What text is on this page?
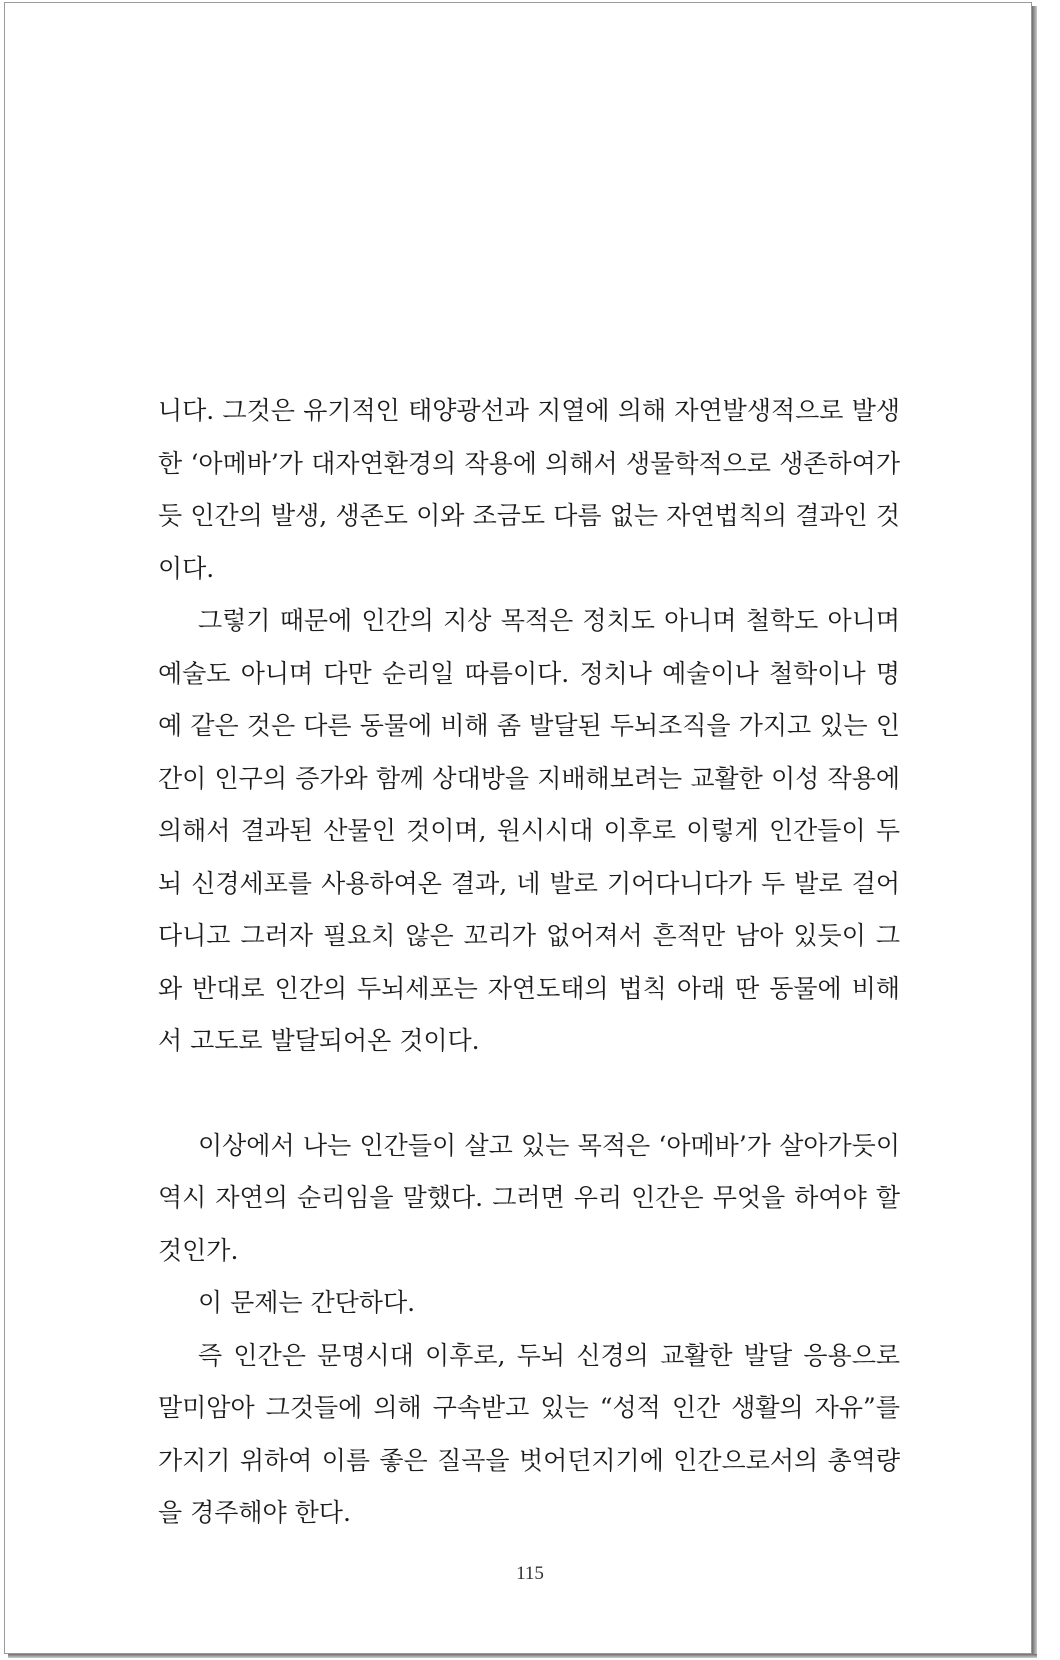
니다. 그것은 유기적인 태양광선과 지열에 의해 자연발생적으로 발생한 ‘아메바’가 대자연환경의 작용에 의해서 생물학적으로 생존하여가듯 인간의 발생, 생존도 이와 조금도 다름 없는 자연법칙의 결과인 것이다.

그렇기 때문에 인간의 지상 목적은 정치도 아니며 철학도 아니며 예술도 아니며 다만 순리일 따름이다. 정치나 예술이나 철학이나 명예 같은 것은 다른 동물에 비해 좀 발달된 두뇌조직을 가지고 있는 인간이 인구의 증가와 함께 상대방을 지배해보려는 교활한 이성 작용에 의해서 결과된 산물인 것이며, 원시시대 이후로 이렇게 인간들이 두뇌 신경세포를 사용하여온 결과, 네 발로 기어다니다가 두 발로 걸어다니고 그러자 필요치 않은 꼬리가 없어져서 흔적만 남아 있듯이 그와 반대로 인간의 두뇌세포는 자연도태의 법칙 아래 딴 동물에 비해서 고도로 발달되어온 것이다.

이상에서 나는 인간들이 살고 있는 목적은 ‘아메바’가 살아가듯이 역시 자연의 순리임을 말했다. 그러면 우리 인간은 무엇을 하여야 할 것인가.

이 문제는 간단하다.

즉 인간은 문명시대 이후로, 두뇌 신경의 교활한 발달 응용으로 말미암아 그것들에 의해 구속받고 있는 “성적 인간 생활의 자유”를 가지기 위하여 이름 좋은 질곡을 벗어던지기에 인간으로서의 총역량을 경주해야 한다.

115
